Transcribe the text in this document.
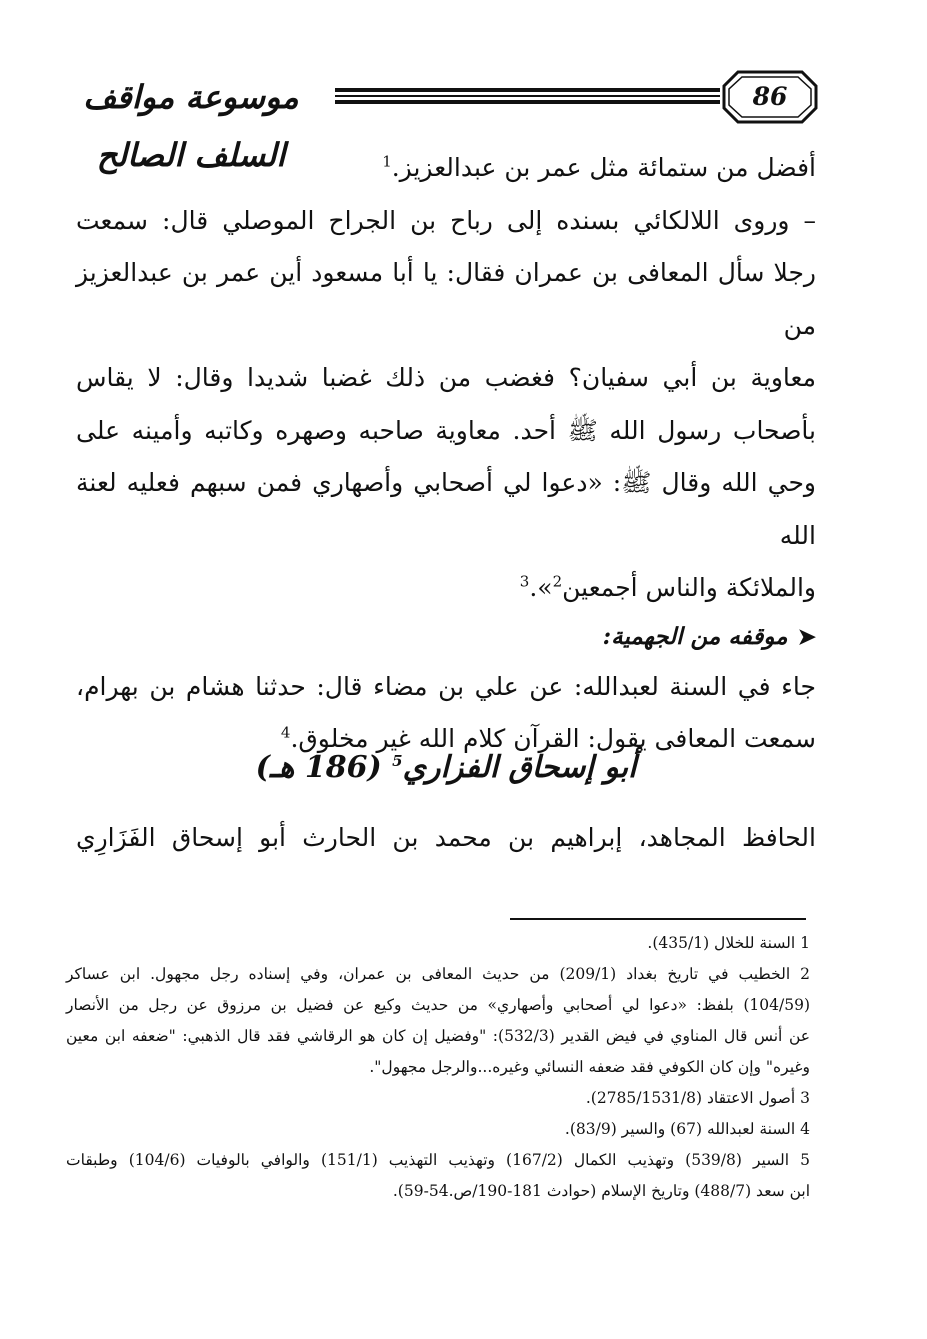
موسوعة مواقف السلف الصالح
86

أفضل من ستمائة مثل عمر بن عبدالعزيز.$^1$

– وروى اللالكائي بسنده إلى رباح بن الجراح الموصلي قال: سمعت

رجلا سأل المعافى بن عمران فقال: يا أبا مسعود أين عمر بن عبدالعزيز من

معاوية بن أبي سفيان؟ فغضب من ذلك غضبا شديدا وقال: لا يقاس

بأصحاب رسول الله ﷺ أحد. معاوية صاحبه وصهره وكاتبه وأمينه على

وحي الله وقال ﷺ: «دعوا لي أصحابي وأصهاري فمن سبهم فعليه لعنة الله

والملائكة والناس أجمعين$^2$».$^3$

➤
موقفه من الجهمية:

جاء في السنة لعبدالله: عن علي بن مضاء قال: حدثنا هشام بن بهرام،

سمعت المعافى يقول: القرآن كلام الله غير مخلوق.$^4$

أبو إسحاق الفزاري$^5$ (186 هـ)
الحافظ المجاهد، إبراهيم بن محمد بن الحارث أبو إسحاق الفَزَارِي

1 السنة للخلال (435/1).

2 الخطيب في تاريخ بغداد (209/1) من حديث المعافى بن عمران، وفي إسناده رجل مجهول. ابن عساكر

(104/59) بلفظ: «دعوا لي أصحابي وأصهاري» من حديث وكيع عن فضيل بن مرزوق عن رجل من الأنصار

عن أنس قال المناوي في فيض القدير (532/3): "وفضيل إن كان هو الرقاشي فقد قال الذهبي: "ضعفه ابن معين

وغيره" وإن كان الكوفي فقد ضعفه النسائي وغيره...والرجل مجهول".

3 أصول الاعتقاد (2785/1531/8).

4 السنة لعبدالله (67) والسير (83/9).

5 السير (539/8) وتهذيب الكمال (167/2) وتهذيب التهذيب (151/1) والوافي بالوفيات (104/6) وطبقات

ابن سعد (488/7) وتاريخ الإسلام (حوادث 181-190/ص.54-59).
